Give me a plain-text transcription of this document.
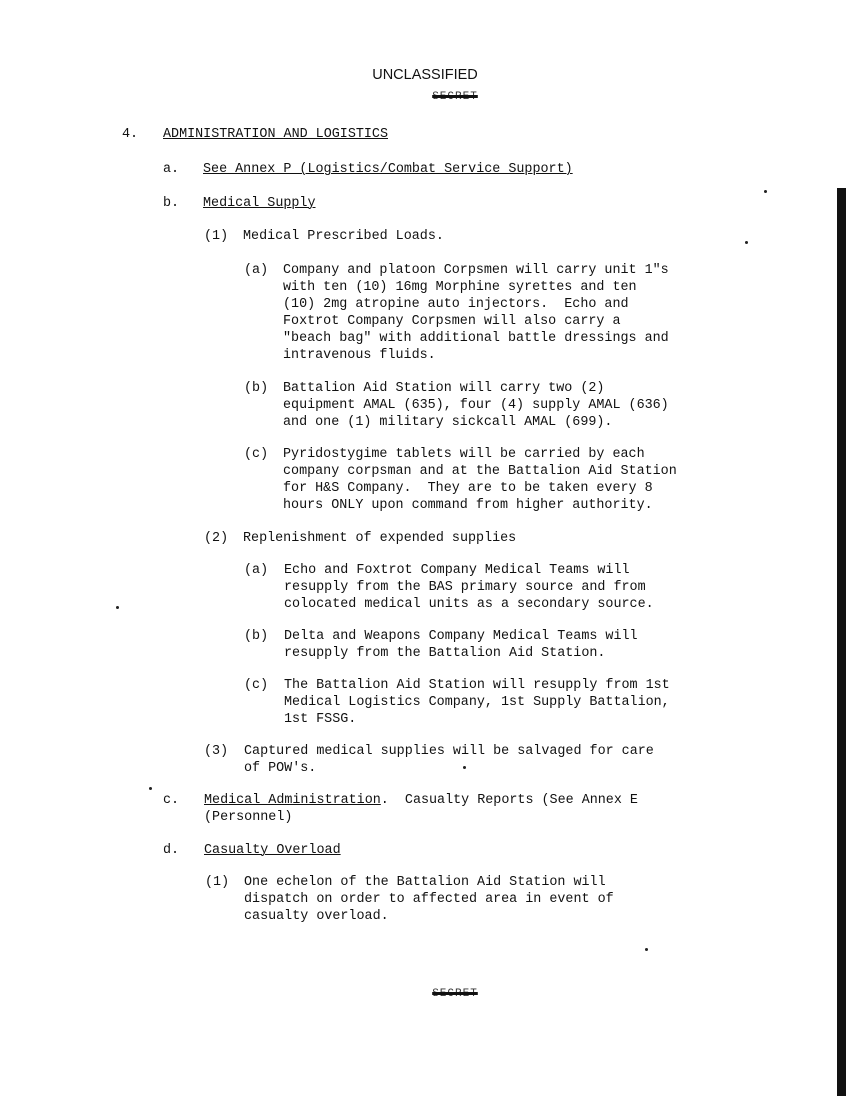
UNCLASSIFIED
SECRET
4. ADMINISTRATION AND LOGISTICS
a. See Annex P (Logistics/Combat Service Support)
b. Medical Supply
(1) Medical Prescribed Loads.
(a) Company and platoon Corpsmen will carry unit 1"s
with ten (10) 16mg Morphine syrettes and ten
(10) 2mg atropine auto injectors.  Echo and
Foxtrot Company Corpsmen will also carry a
"beach bag" with additional battle dressings and
intravenous fluids.
(b) Battalion Aid Station will carry two (2)
equipment AMAL (635), four (4) supply AMAL (636)
and one (1) military sickcall AMAL (699).
(c) Pyridostygime tablets will be carried by each
company corpsman and at the Battalion Aid Station
for H&S Company.  They are to be taken every 8
hours ONLY upon command from higher authority.
(2) Replenishment of expended supplies
(a) Echo and Foxtrot Company Medical Teams will
resupply from the BAS primary source and from
colocated medical units as a secondary source.
(b) Delta and Weapons Company Medical Teams will
resupply from the Battalion Aid Station.
(c) The Battalion Aid Station will resupply from 1st
Medical Logistics Company, 1st Supply Battalion,
1st FSSG.
(3) Captured medical supplies will be salvaged for care
of POW's.
c. Medical Administration.  Casualty Reports (See Annex E
(Personnel)
d. Casualty Overload
(1) One echelon of the Battalion Aid Station will
dispatch on order to affected area in event of
casualty overload.
SECRET
